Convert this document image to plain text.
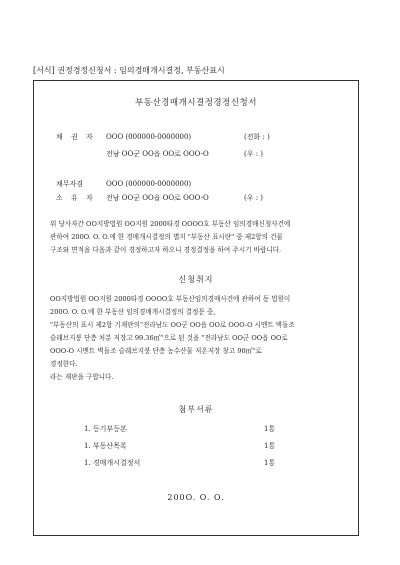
[서식] 권정경정신청서 : 임의경매개시결정, 부동산표시
부동산경매개시결정경정신청서
채 권 자 OOO (000000-0000000)	(전화 : )
전남 OO군 OO읍 OO로 OOO-O	(우 : )
채무자겸	OOO (000000-0000000)
소 유 자 전남 OO군 OO읍 OO로 OOO-O	(우 : )
위 당사자간 OO지방법원 OO지원 2000타경 OOOO호 부동산 임의경매신청사건에
관하여 200O. O. O.에 한 경매개시결정의 별지 "부동산 표시란" 중 제2항의 건물
구조와 면적을 다음과 같이 경정하고자 하오니 경정결정을 하여 주시기 바랍니다.
신청취지
OO지방법원 OO지원 2000타경 OOOO호 부동산임의경매사건에 관하여 동 법원이
200O. O. O.에 한 부동산 임의경매개시결정의 결정문 중,
"부동산의 표시 제2항 기재란의"전라남도 OO군 OO읍 OO로 OOO-O 시멘트 벽돌조
슬래브지붕 단층 처분 저장고 99.36㎡"으로 된 것을 "전라남도 OO군 OO읍 OO로
OOO-O 시멘트 벽돌조 슬래브지붕 단층 농수산물 저온저장 창고 90㎡"로
경정한다.
라는 재판을 구합니다.
첨부서류
1. 등기부등본	1통
1. 부동산목록	1통
1. 경매개시결정서	1통
200O. O. O.
